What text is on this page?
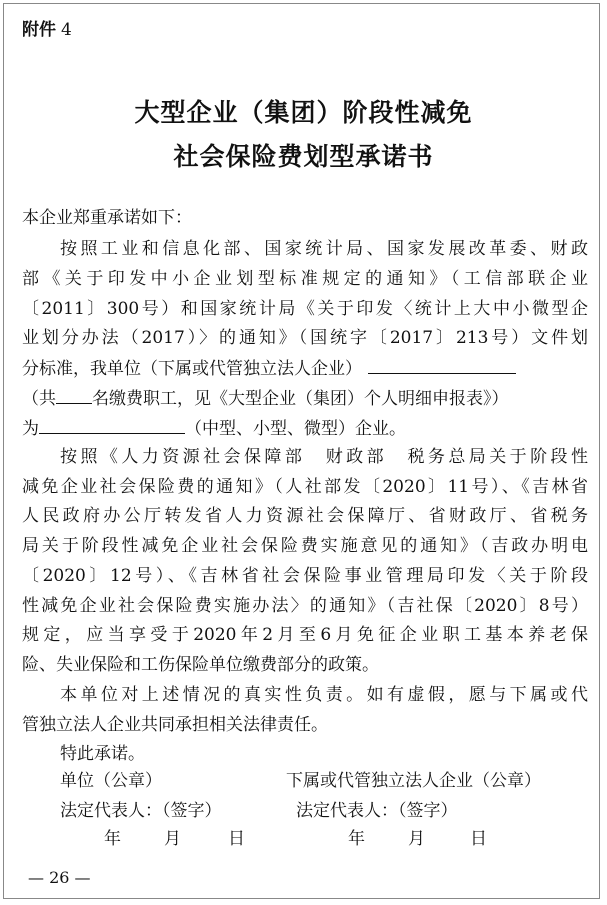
附件 4
大型企业（集团）阶段性减免
社会保险费划型承诺书
本企业郑重承诺如下：
按照工业和信息化部、国家统计局、国家发展改革委、财政
部《关于印发中小企业划型标准规定的通知》（工信部联企业
〔2011〕300号）和国家统计局《关于印发〈统计上大中小微型企
业划分办法（2017）〉的通知》（国统字〔2017〕213号）文件划
分标准，我单位（下属或代管独立法人企业）
（共 名缴费职工，见《大型企业（集团）个人明细申报表》）
为	（中型、小型、微型）企业。
按照《人力资源社会保障部　财政部　税务总局关于阶段性
减免企业社会保险费的通知》（人社部发〔2020〕11号）、《吉林省
人民政府办公厅转发省人力资源社会保障厅、省财政厅、省税务
局关于阶段性减免企业社会保险费实施意见的通知》（吉政办明电
〔2020〕12号）、《吉林省社会保险事业管理局印发〈关于阶段
性减免企业社会保险费实施办法〉的通知》（吉社保〔2020〕8号）
规定，应当享受于2020年2月至6月免征企业职工基本养老保
险、失业保险和工伤保险单位缴费部分的政策。
本单位对上述情况的真实性负责。如有虚假，愿与下属或代
管独立法人企业共同承担相关法律责任。
特此承诺。
单位（公章）	下属或代管独立法人企业（公章）
法定代表人：（签字）	法定代表人：（签字）
年	月	日	年	月	日
— 26 —
